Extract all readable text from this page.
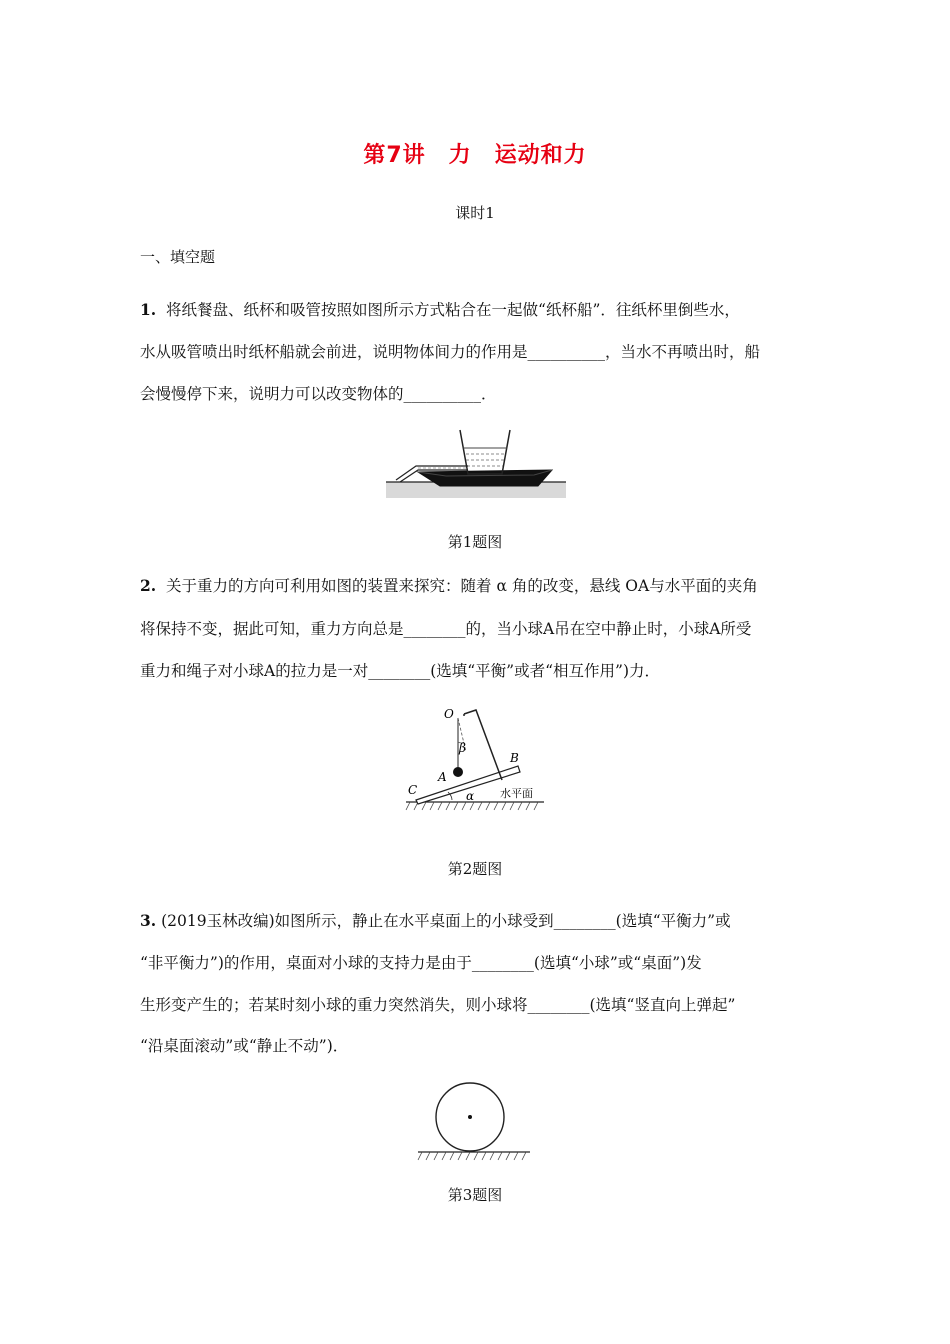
第7讲　力　运动和力
课时1
一、填空题
1. 将纸餐盘、纸杯和吸管按照如图所示方式粘合在一起做“纸杯船”．往纸杯里倒些水，
水从吸管喷出时纸杯船就会前进，说明物体间力的作用是__________，当水不再喷出时，船
会慢慢停下来，说明力可以改变物体的__________．
第1题图
2. 关于重力的方向可利用如图的装置来探究：随着 α 角的改变，悬线 OA与水平面的夹角
将保持不变，据此可知，重力方向总是________的，当小球A吊在空中静止时，小球A所受
重力和绳子对小球A的拉力是一对________(选填“平衡”或者“相互作用”)力．
O
β
A
B
C	α 水平面
第2题图
3. (2019玉林改编)如图所示，静止在水平桌面上的小球受到________(选填“平衡力”或
“非平衡力”)的作用，桌面对小球的支持力是由于________(选填“小球”或“桌面”)发
生形变产生的；若某时刻小球的重力突然消失，则小球将________(选填“竖直向上弹起”
“沿桌面滚动”或“静止不动”)．
第3题图
